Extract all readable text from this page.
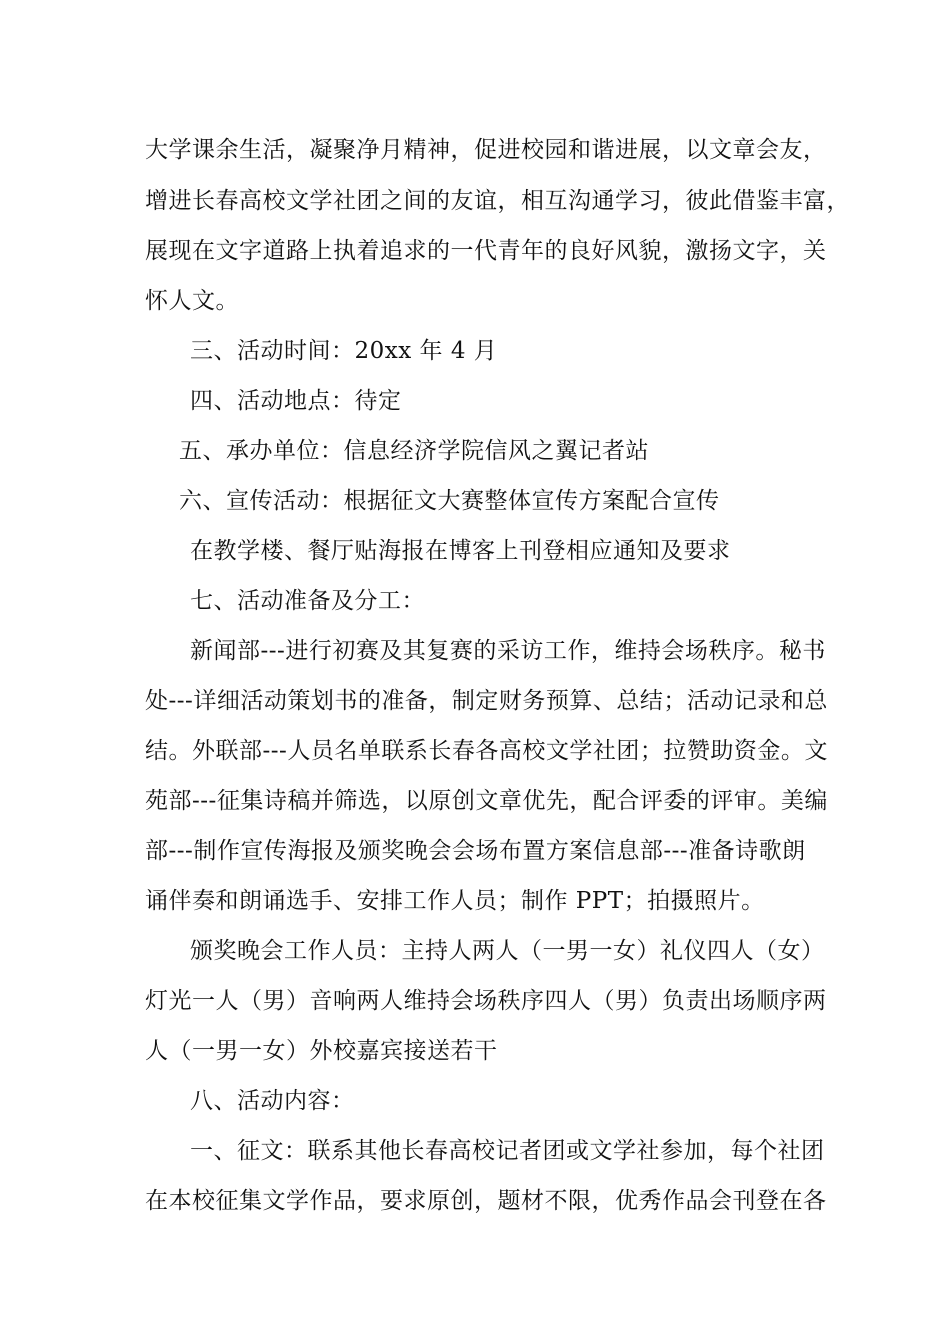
大学课余生活，凝聚净月精神，促进校园和谐进展，以文章会友，
增进长春高校文学社团之间的友谊，相互沟通学习，彼此借鉴丰富，
展现在文字道路上执着追求的一代青年的良好风貌，激扬文字，关
怀人文。
三、活动时间：20xx 年 4 月
四、活动地点：待定
五、承办单位：信息经济学院信风之翼记者站
六、宣传活动：根据征文大赛整体宣传方案配合宣传
在教学楼、餐厅贴海报在博客上刊登相应通知及要求
七、活动准备及分工：
新闻部---进行初赛及其复赛的采访工作，维持会场秩序。秘书
处---详细活动策划书的准备，制定财务预算、总结；活动记录和总
结。外联部---人员名单联系长春各高校文学社团；拉赞助资金。文
苑部---征集诗稿并筛选，以原创文章优先，配合评委的评审。美编
部---制作宣传海报及颁奖晚会会场布置方案信息部---准备诗歌朗
诵伴奏和朗诵选手、安排工作人员；制作 PPT；拍摄照片。
颁奖晚会工作人员：主持人两人（一男一女）礼仪四人（女）
灯光一人（男）音响两人维持会场秩序四人（男）负责出场顺序两
人（一男一女）外校嘉宾接送若干
八、活动内容：
一、征文：联系其他长春高校记者团或文学社参加，每个社团
在本校征集文学作品，要求原创，题材不限，优秀作品会刊登在各
